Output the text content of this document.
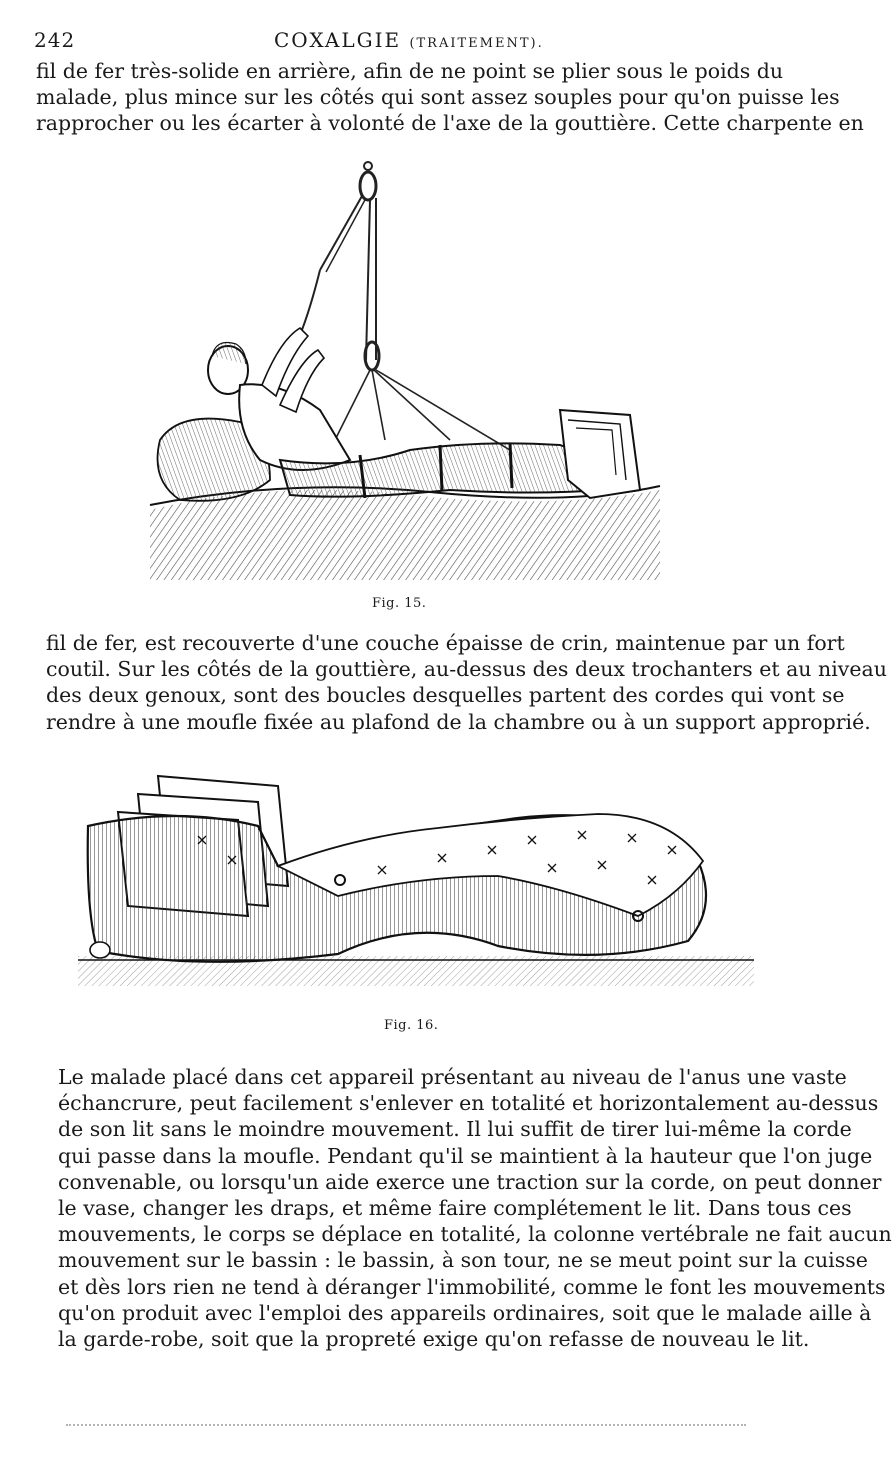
242	COXALGIE (TRAITEMENT).
fil de fer très-solide en arrière, afin de ne point se plier sous le poids du
malade, plus mince sur les côtés qui sont assez souples pour qu'on puisse les
rapprocher ou les écarter à volonté de l'axe de la gouttière. Cette charpente en
Fig. 15.
fil de fer, est recouverte d'une couche épaisse de crin, maintenue par un fort
coutil. Sur les côtés de la gouttière, au-dessus des deux trochanters et au niveau
des deux genoux, sont des boucles desquelles partent des cordes qui vont se
rendre à une moufle fixée au plafond de la chambre ou à un support approprié.
Fig. 16.
Le malade placé dans cet appareil présentant au niveau de l'anus une vaste
échancrure, peut facilement s'enlever en totalité et horizontalement au-dessus
de son lit sans le moindre mouvement. Il lui suffit de tirer lui-même la corde
qui passe dans la moufle. Pendant qu'il se maintient à la hauteur que l'on juge
convenable, ou lorsqu'un aide exerce une traction sur la corde, on peut donner
le vase, changer les draps, et même faire complétement le lit. Dans tous ces
mouvements, le corps se déplace en totalité, la colonne vertébrale ne fait aucun
mouvement sur le bassin : le bassin, à son tour, ne se meut point sur la cuisse
et dès lors rien ne tend à déranger l'immobilité, comme le font les mouvements
qu'on produit avec l'emploi des appareils ordinaires, soit que le malade aille à
la garde-robe, soit que la propreté exige qu'on refasse de nouveau le lit.
